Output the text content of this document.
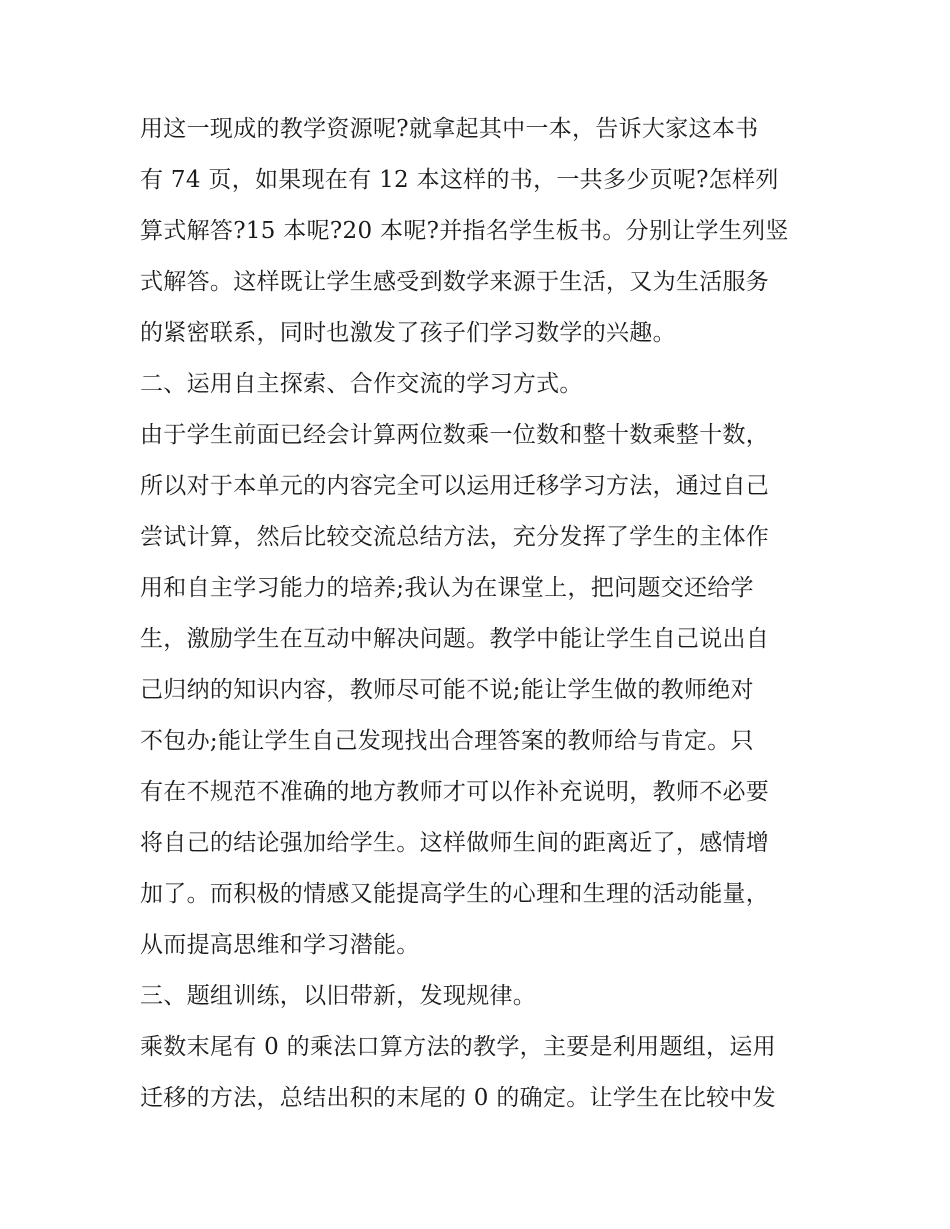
用这一现成的教学资源呢?就拿起其中一本，告诉大家这本书
有 74 页，如果现在有 12 本这样的书，一共多少页呢?怎样列
算式解答?15 本呢?20 本呢?并指名学生板书。分别让学生列竖
式解答。这样既让学生感受到数学来源于生活，又为生活服务
的紧密联系，同时也激发了孩子们学习数学的兴趣。
二、运用自主探索、合作交流的学习方式。
由于学生前面已经会计算两位数乘一位数和整十数乘整十数，
所以对于本单元的内容完全可以运用迁移学习方法，通过自己
尝试计算，然后比较交流总结方法，充分发挥了学生的主体作
用和自主学习能力的培养;我认为在课堂上，把问题交还给学
生，激励学生在互动中解决问题。教学中能让学生自己说出自
己归纳的知识内容，教师尽可能不说;能让学生做的教师绝对
不包办;能让学生自己发现找出合理答案的教师给与肯定。只
有在不规范不准确的地方教师才可以作补充说明，教师不必要
将自己的结论强加给学生。这样做师生间的距离近了，感情增
加了。而积极的情感又能提高学生的心理和生理的活动能量，
从而提高思维和学习潜能。
三、题组训练，以旧带新，发现规律。
乘数末尾有 0 的乘法口算方法的教学，主要是利用题组，运用
迁移的方法，总结出积的末尾的 0 的确定。让学生在比较中发
